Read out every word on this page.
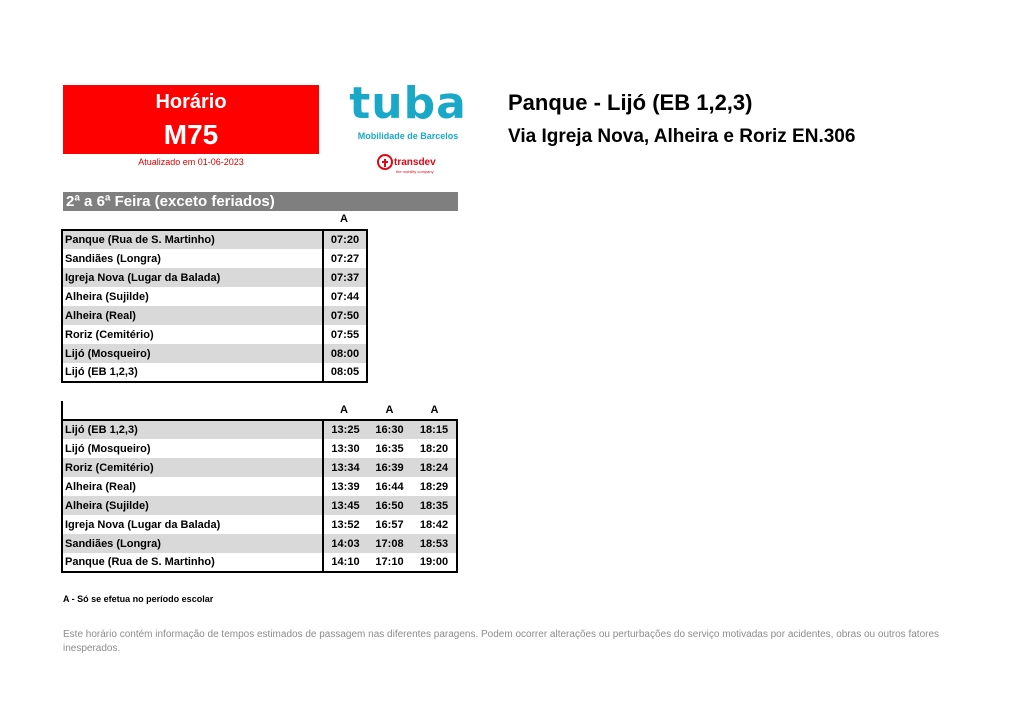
Horário
M75
Atualizado em 01-06-2023
tuba
Mobilidade de Barcelos
transdev
the mobility company
Panque - Lijó (EB 1,2,3)
Via Igreja Nova, Alheira e Roriz EN.306
2ª a 6ª Feira (exceto feriados)
A
Panque (Rua de S. Martinho)	07:20
Sandiães (Longra)	07:27
Igreja Nova (Lugar da Balada)	07:37
Alheira (Sujilde)	07:44
Alheira (Real)	07:50
Roriz (Cemitério)	07:55
Lijó (Mosqueiro)	08:00
Lijó (EB 1,2,3)	08:05
A	A	A
Lijó (EB 1,2,3)	13:25	16:30	18:15
Lijó (Mosqueiro)	13:30	16:35	18:20
Roriz (Cemitério)	13:34	16:39	18:24
Alheira (Real)	13:39	16:44	18:29
Alheira (Sujilde)	13:45	16:50	18:35
Igreja Nova (Lugar da Balada)	13:52	16:57	18:42
Sandiães (Longra)	14:03	17:08	18:53
Panque (Rua de S. Martinho)	14:10	17:10	19:00
A - Só se efetua no período escolar
Este horário contém informação de tempos estimados de passagem nas diferentes paragens. Podem ocorrer alterações ou perturbações do serviço motivadas por acidentes, obras ou outros fatores inesperados.
